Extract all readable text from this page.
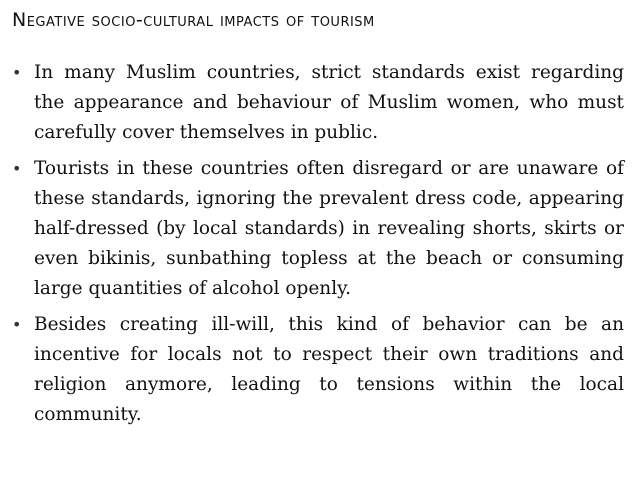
Negative socio-cultural impacts of tourism
• In many Muslim countries, strict standards exist regarding the appearance and behaviour of Muslim women, who must carefully cover themselves in public.
• Tourists in these countries often disregard or are unaware of these standards, ignoring the prevalent dress code, appearing half-dressed (by local standards) in revealing shorts, skirts or even bikinis, sunbathing topless at the beach or consuming large quantities of alcohol openly.
• Besides creating ill-will, this kind of behavior can be an incentive for locals not to respect their own traditions and religion anymore, leading to tensions within the local community.
